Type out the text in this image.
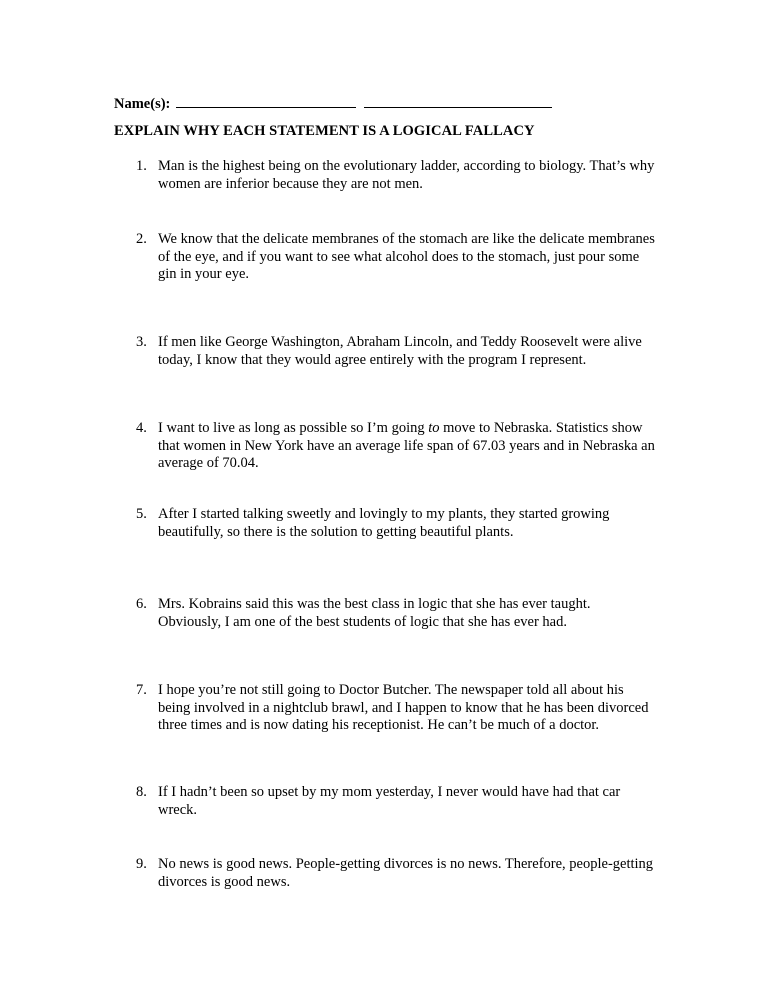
Name(s):
EXPLAIN WHY EACH STATEMENT IS A LOGICAL FALLACY
1. Man is the highest being on the evolutionary ladder, according to biology. That’s why women are inferior because they are not men.
2. We know that the delicate membranes of the stomach are like the delicate membranes of the eye, and if you want to see what alcohol does to the stomach, just pour some gin in your eye.
3. If men like George Washington, Abraham Lincoln, and Teddy Roosevelt were alive today, I know that they would agree entirely with the program I represent.
4. I want to live as long as possible so I’m going to move to Nebraska. Statistics show that women in New York have an average life span of 67.03 years and in Nebraska an average of 70.04.
5. After I started talking sweetly and lovingly to my plants, they started growing beautifully, so there is the solution to getting beautiful plants.
6. Mrs. Kobrains said this was the best class in logic that she has ever taught. Obviously, I am one of the best students of logic that she has ever had.
7. I hope you’re not still going to Doctor Butcher. The newspaper told all about his being involved in a nightclub brawl, and I happen to know that he has been divorced three times and is now dating his receptionist. He can’t be much of a doctor.
8. If I hadn’t been so upset by my mom yesterday, I never would have had that car wreck.
9. No news is good news. People-getting divorces is no news. Therefore, people-getting divorces is good news.
